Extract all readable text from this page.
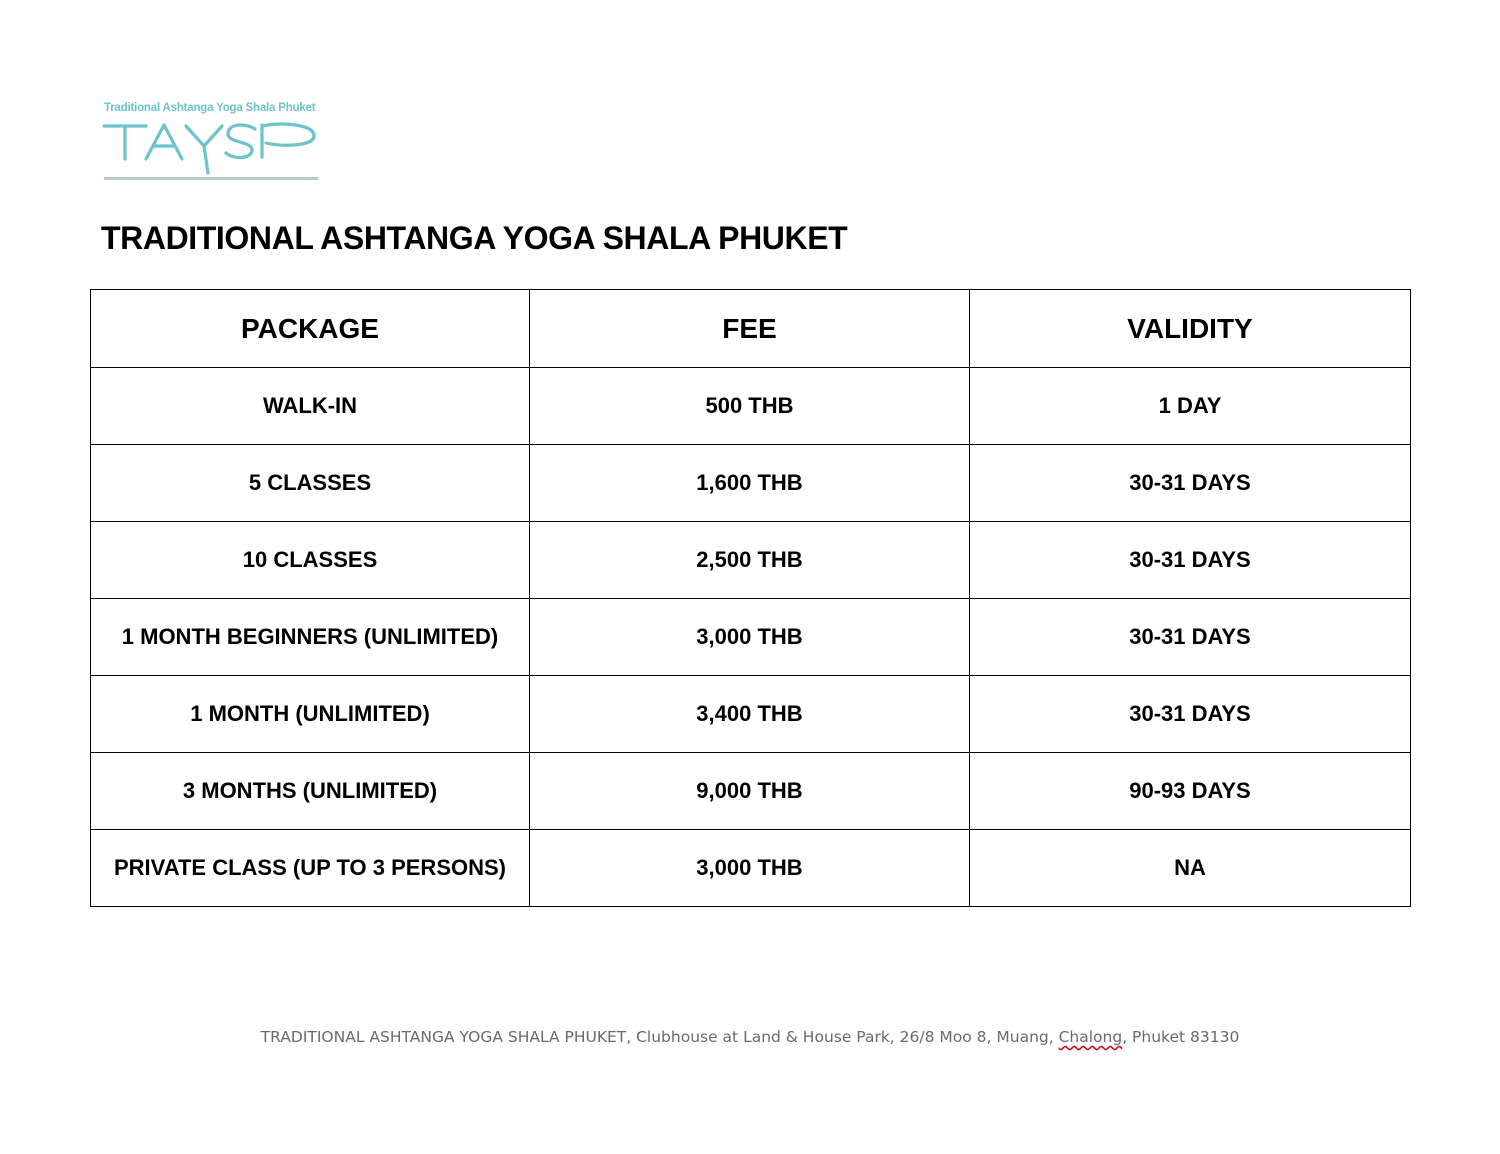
Traditional Ashtanga Yoga Shala Phuket
TRADITIONAL ASHTANGA YOGA SHALA PHUKET
PACKAGE	FEE	VALIDITY
WALK-IN	500 THB	1 DAY
5 CLASSES	1,600 THB	30-31 DAYS
10 CLASSES	2,500 THB	30-31 DAYS
1 MONTH BEGINNERS (UNLIMITED)	3,000 THB	30-31 DAYS
1 MONTH (UNLIMITED)	3,400 THB	30-31 DAYS
3 MONTHS (UNLIMITED)	9,000 THB	90-93 DAYS
PRIVATE CLASS (UP TO 3 PERSONS)	3,000 THB	NA
TRADITIONAL ASHTANGA YOGA SHALA PHUKET, Clubhouse at Land & House Park, 26/8 Moo 8, Muang, Chalong, Phuket 83130
